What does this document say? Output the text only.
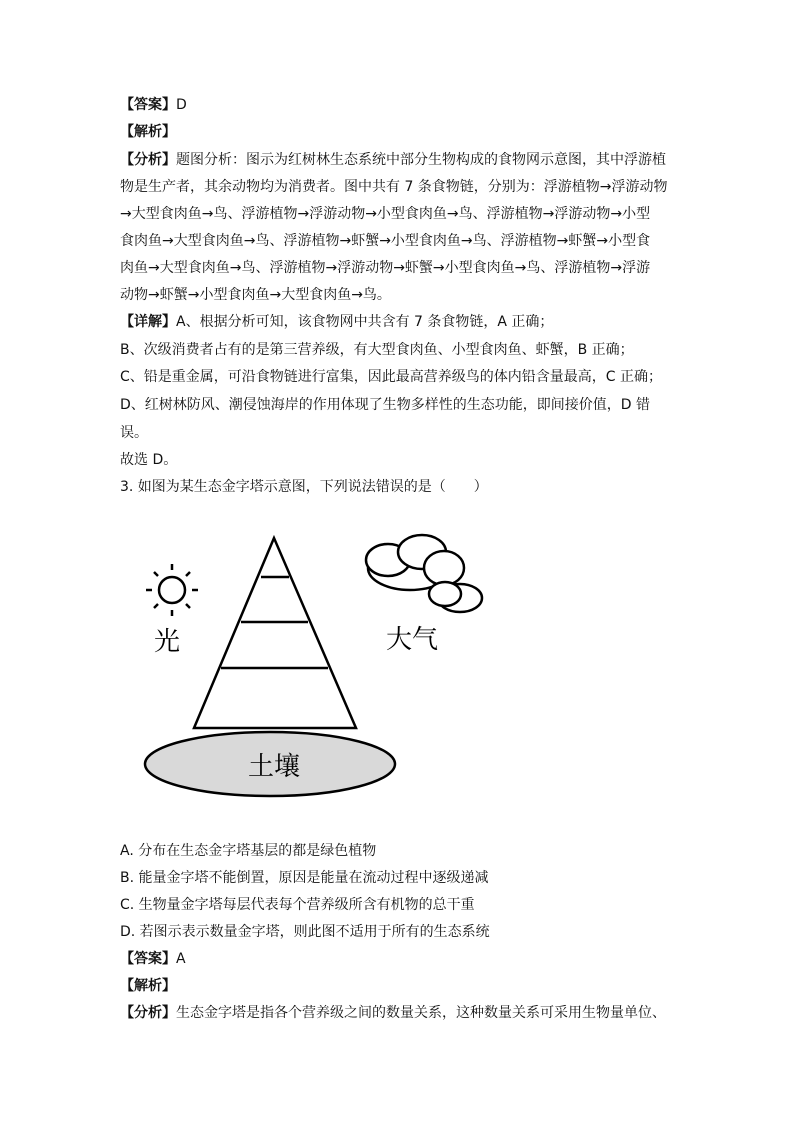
【答案】D
【解析】
【分析】题图分析：图示为红树林生态系统中部分生物构成的食物网示意图，其中浮游植
物是生产者，其余动物均为消费者。图中共有 7 条食物链，分别为：浮游植物→浮游动物
→大型食肉鱼→鸟、浮游植物→浮游动物→小型食肉鱼→鸟、浮游植物→浮游动物→小型
食肉鱼→大型食肉鱼→鸟、浮游植物→虾蟹→小型食肉鱼→鸟、浮游植物→虾蟹→小型食
肉鱼→大型食肉鱼→鸟、浮游植物→浮游动物→虾蟹→小型食肉鱼→鸟、浮游植物→浮游
动物→虾蟹→小型食肉鱼→大型食肉鱼→鸟。
【详解】A、根据分析可知，该食物网中共含有 7 条食物链，A 正确；
B、次级消费者占有的是第三营养级，有大型食肉鱼、小型食肉鱼、虾蟹，B 正确；
C、铅是重金属，可沿食物链进行富集，因此最高营养级鸟的体内铅含量最高，C 正确；
D、红树林防风、潮侵蚀海岸的作用体现了生物多样性的生态功能，即间接价值，D 错
误。
故选 D。
3. 如图为某生态金字塔示意图，下列说法错误的是（　　）
光	大气
土壤
A. 分布在生态金字塔基层的都是绿色植物
B. 能量金字塔不能倒置，原因是能量在流动过程中逐级递减
C. 生物量金字塔每层代表每个营养级所含有机物的总干重
D. 若图示表示数量金字塔，则此图不适用于所有的生态系统
【答案】A
【解析】
【分析】生态金字塔是指各个营养级之间的数量关系，这种数量关系可采用生物量单位、
